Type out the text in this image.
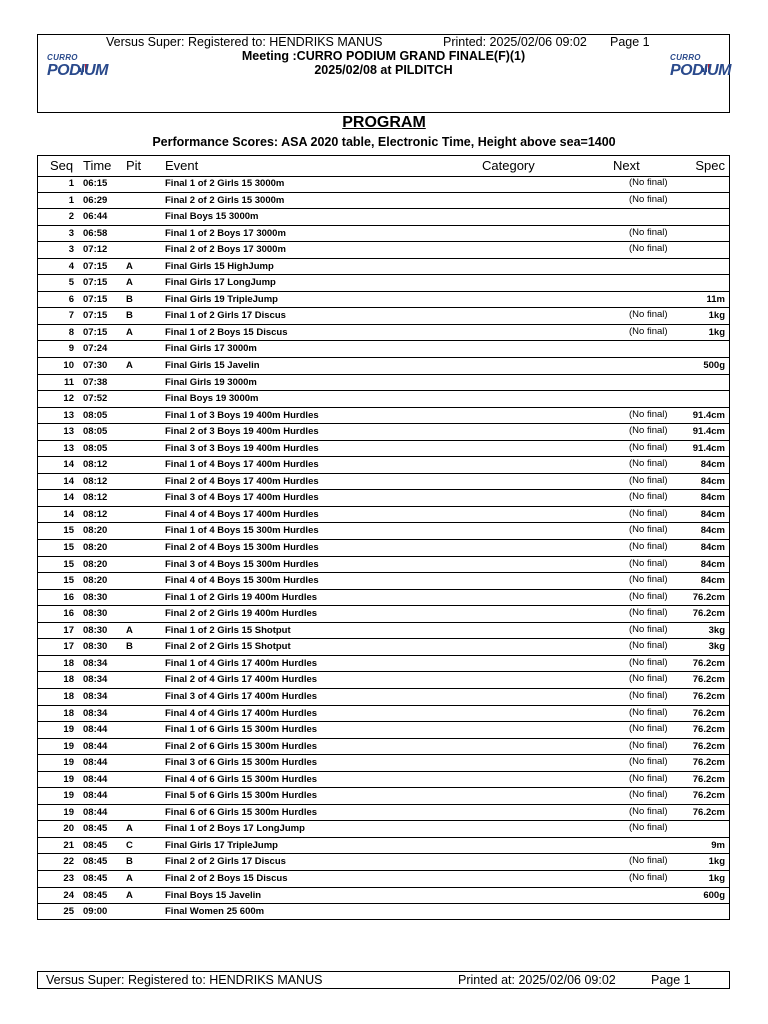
Versus Super: Registered to: HENDRIKS MANUS	Printed: 2025/02/06 09:02 Page 1
Meeting :CURRO PODIUM GRAND FINALE(F)(1)
2025/02/08 at PILDITCH
CURRO
PODIUM
CURRO
PODIUM
PROGRAM
Performance Scores: ASA 2020 table, Electronic Time, Height above sea=1400
Seq Time Pit Event	Category	Next	Spec
1 06:15	Final 1 of 2 Girls 15 3000m	(No final)
1 06:29	Final 2 of 2 Girls 15 3000m	(No final)
2 06:44	Final Boys 15 3000m
3 06:58	Final 1 of 2 Boys 17 3000m	(No final)
3 07:12	Final 2 of 2 Boys 17 3000m	(No final)
4 07:15 A	Final Girls 15 HighJump
5 07:15 A	Final Girls 17 LongJump
6 07:15 B	Final Girls 19 TripleJump	11m
7 07:15 B	Final 1 of 2 Girls 17 Discus	(No final)	1kg
8 07:15 A	Final 1 of 2 Boys 15 Discus	(No final)	1kg
9 07:24	Final Girls 17 3000m
10 07:30 A	Final Girls 15 Javelin	500g
11 07:38	Final Girls 19 3000m
12 07:52	Final Boys 19 3000m
13 08:05	Final 1 of 3 Boys 19 400m Hurdles	(No final)	91.4cm
13 08:05	Final 2 of 3 Boys 19 400m Hurdles	(No final)	91.4cm
13 08:05	Final 3 of 3 Boys 19 400m Hurdles	(No final)	91.4cm
14 08:12	Final 1 of 4 Boys 17 400m Hurdles	(No final)	84cm
14 08:12	Final 2 of 4 Boys 17 400m Hurdles	(No final)	84cm
14 08:12	Final 3 of 4 Boys 17 400m Hurdles	(No final)	84cm
14 08:12	Final 4 of 4 Boys 17 400m Hurdles	(No final)	84cm
15 08:20	Final 1 of 4 Boys 15 300m Hurdles	(No final)	84cm
15 08:20	Final 2 of 4 Boys 15 300m Hurdles	(No final)	84cm
15 08:20	Final 3 of 4 Boys 15 300m Hurdles	(No final)	84cm
15 08:20	Final 4 of 4 Boys 15 300m Hurdles	(No final)	84cm
16 08:30	Final 1 of 2 Girls 19 400m Hurdles	(No final)	76.2cm
16 08:30	Final 2 of 2 Girls 19 400m Hurdles	(No final)	76.2cm
17 08:30 A	Final 1 of 2 Girls 15 Shotput	(No final)	3kg
17 08:30 B	Final 2 of 2 Girls 15 Shotput	(No final)	3kg
18 08:34	Final 1 of 4 Girls 17 400m Hurdles	(No final)	76.2cm
18 08:34	Final 2 of 4 Girls 17 400m Hurdles	(No final)	76.2cm
18 08:34	Final 3 of 4 Girls 17 400m Hurdles	(No final)	76.2cm
18 08:34	Final 4 of 4 Girls 17 400m Hurdles	(No final)	76.2cm
19 08:44	Final 1 of 6 Girls 15 300m Hurdles	(No final)	76.2cm
19 08:44	Final 2 of 6 Girls 15 300m Hurdles	(No final)	76.2cm
19 08:44	Final 3 of 6 Girls 15 300m Hurdles	(No final)	76.2cm
19 08:44	Final 4 of 6 Girls 15 300m Hurdles	(No final)	76.2cm
19 08:44	Final 5 of 6 Girls 15 300m Hurdles	(No final)	76.2cm
19 08:44	Final 6 of 6 Girls 15 300m Hurdles	(No final)	76.2cm
20 08:45 A	Final 1 of 2 Boys 17 LongJump	(No final)
21 08:45 C	Final Girls 17 TripleJump	9m
22 08:45 B	Final 2 of 2 Girls 17 Discus	(No final)	1kg
23 08:45 A	Final 2 of 2 Boys 15 Discus	(No final)	1kg
24 08:45 A	Final Boys 15 Javelin	600g
25 09:00	Final Women 25 600m
Versus Super: Registered to: HENDRIKS MANUS	Printed at: 2025/02/06 09:02	Page 1
